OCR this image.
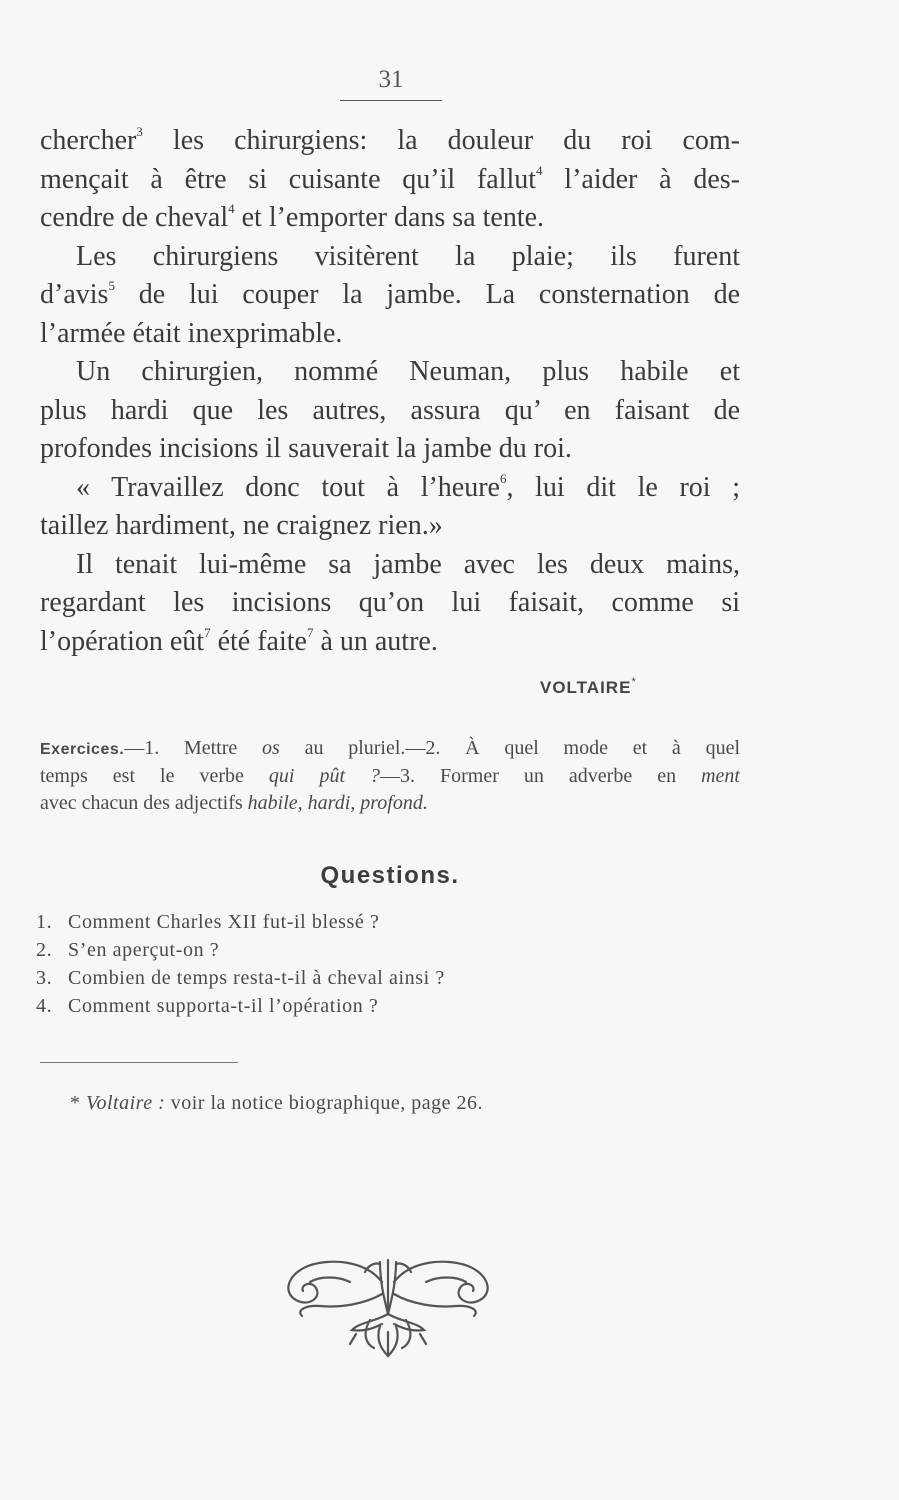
31
chercher$^3$ les chirurgiens: la douleur du roi com-
mençait à être si cuisante qu’il fallut$^4$ l’aider à des-
cendre de cheval$^4$ et l’emporter dans sa tente.
Les chirurgiens visitèrent la plaie; ils furent
d’avis$^5$ de lui couper la jambe. La consternation de
l’armée était inexprimable.
Un chirurgien, nommé Neuman, plus habile et
plus hardi que les autres, assura qu’ en faisant de
profondes incisions il sauverait la jambe du roi.
« Travaillez donc tout à l’heure$^6$, lui dit le roi ;
taillez hardiment, ne craignez rien.»
Il tenait lui-même sa jambe avec les deux mains,
regardant les incisions qu’on lui faisait, comme si
l’opération eût$^7$ été faite$^7$ à un autre.
VOLTAIRE*
Exercices.—1. Mettre os au pluriel.—2. À quel mode et à quel
temps est le verbe qui pût ?—3. Former un adverbe en ment
avec chacun des adjectifs habile, hardi, profond.
Questions.
1. Comment Charles XII fut-il blessé ?
2. S’en aperçut-on ?
3. Combien de temps resta-t-il à cheval ainsi ?
4. Comment supporta-t-il l’opération ?
* Voltaire : voir la notice biographique, page 26.
